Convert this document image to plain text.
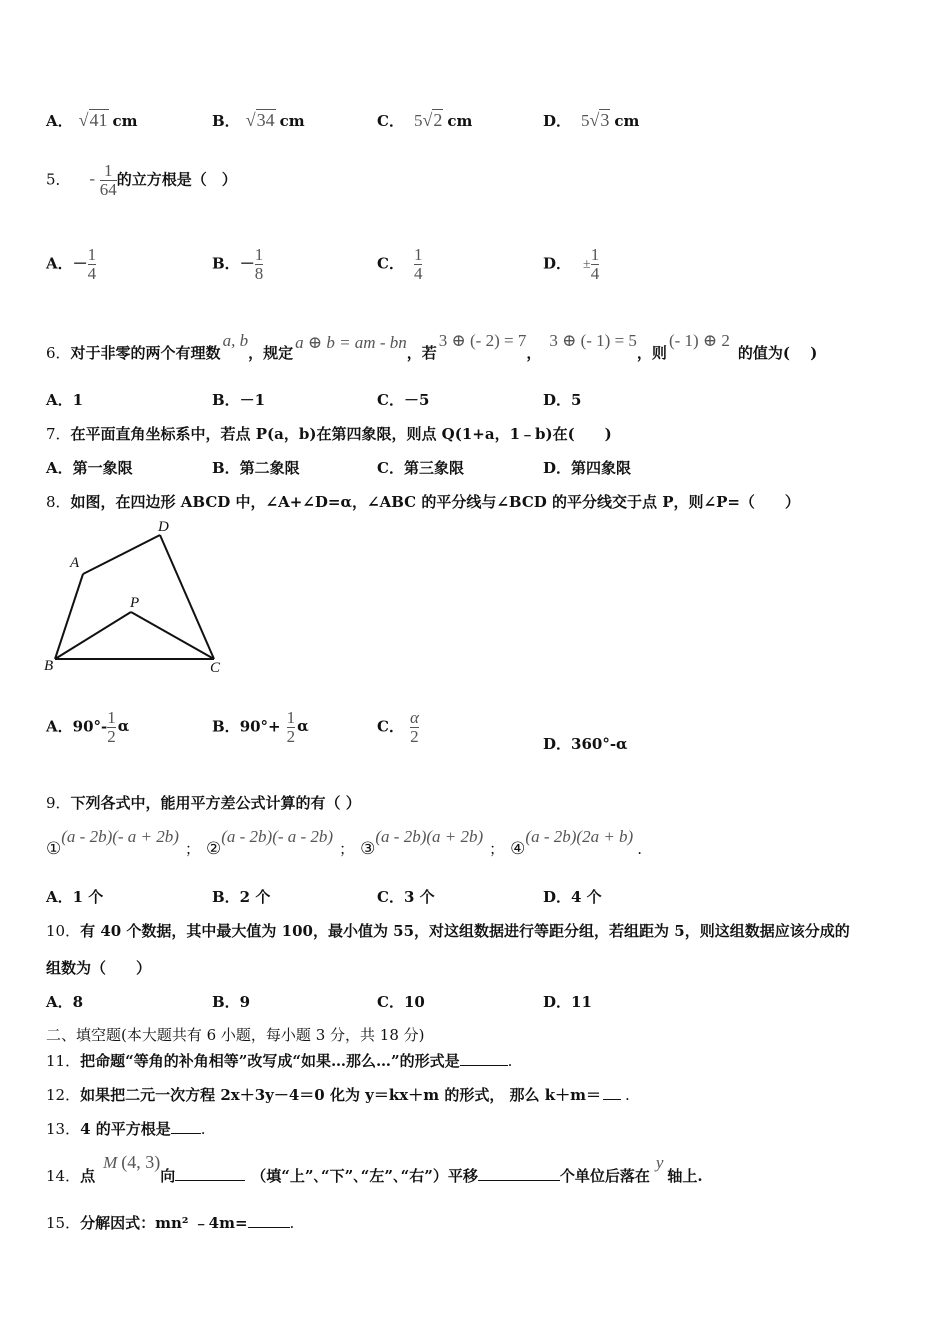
A． √41 cm	B． √34 cm	C． 5√2 cm	D． 5√3 cm
5． - $\frac{1}{64}$ 的立方根是（　）
A．－ $\frac{1}{4}$	B．－ $\frac{1}{8}$	C． $\frac{1}{4}$	D． ± $\frac{1}{4}$
6．对于非零的两个有理数a, b，规定a ⊕ b = am - bn，若3 ⊕ (- 2) = 7，3 ⊕ (- 1) = 5，则(- 1) ⊕ 2的值为(　 )
A．1	B．－1	C．－5	D．5
7．在平面直角坐标系中，若点 P(a，b)在第四象限，则点 Q(1+a，1﹣b)在(　　)
A．第一象限	B．第二象限	C．第三象限	D．第四象限
8．如图，在四边形 ABCD 中，∠A+∠D=α，∠ABC 的平分线与∠BCD 的平分线交于点 P，则∠P=（　　）
A
B	C
D
P
A．$90^\circ- \frac{1}{2}$ α	B．$90^\circ+ \frac{1}{2}$ α	C． $\frac{\alpha}{2}$	D．360°-α
9．下列各式中，能用平方差公式计算的有（ ）
①(a - 2b)(- a + 2b)； ②(a - 2b)(- a - 2b)； ③(a - 2b)(a + 2b)； ④(a - 2b)(2a + b).
A．1 个	B．2 个	C．3 个	D．4 个
10．有 40 个数据，其中最大值为 100，最小值为 55，对这组数据进行等距分组，若组距为 5，则这组数据应该分成的
组数为（　　）
A．8	B．9	C．10	D．11
二、填空题(本大题共有 6 小题，每小题 3 分，共 18 分)
11．把命题“等角的补角相等”改写成“如果…那么…”的形式是	.
12．如果把二元一次方程 2x＋3y－4＝0 化为 y＝kx＋m 的形式， 那么 k＋m＝ .
13．4 的平方根是 .
14．点M (4, 3)向	（填“上”､“下”､“左”､“右”）平移	个单位后落在y轴上.
15．分解因式：mn² ﹣4m=	.
